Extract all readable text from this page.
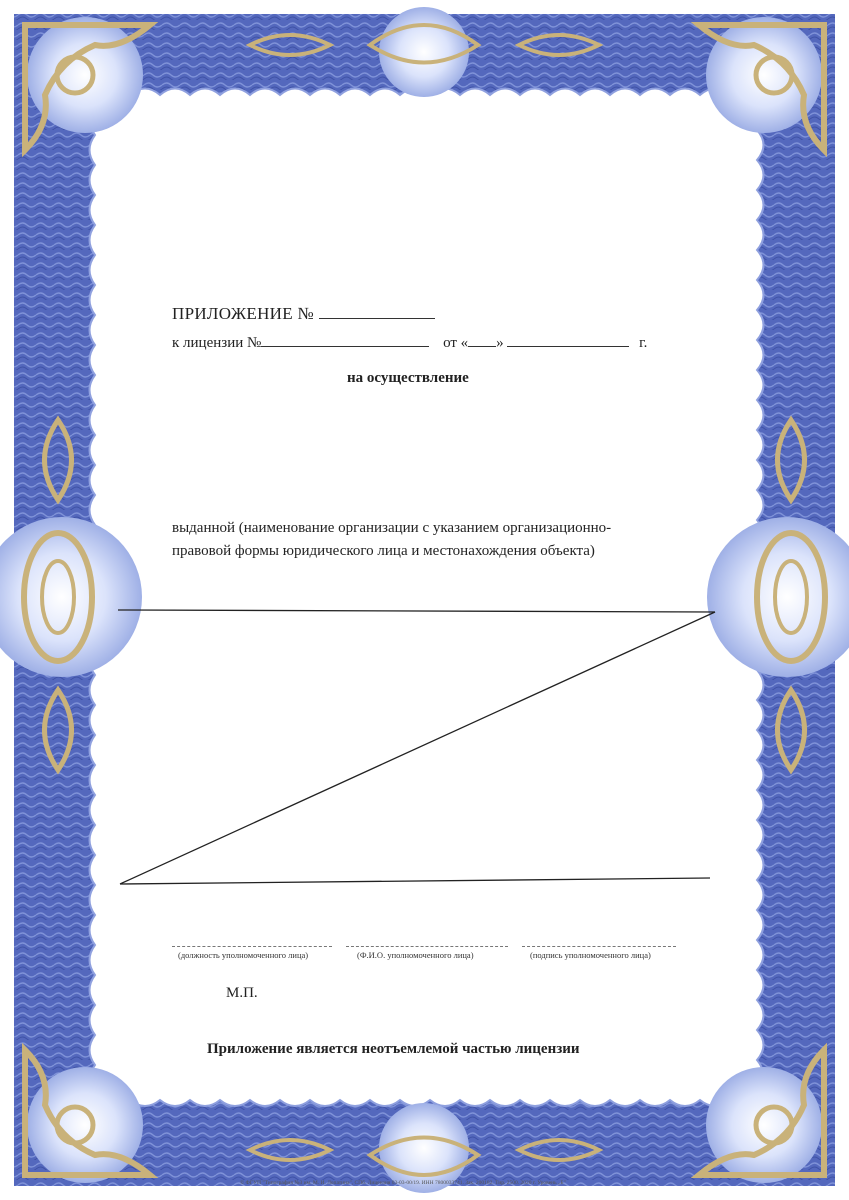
ПРИЛОЖЕНИЕ №
к лицензии №	от « »	г.
на осуществление
выданной (наименование организации с указанием организационно-
правовой формы юридического лица и местонахождения объекта)
(должность уполномоченного лица)	(Ф.И.О. уполномоченного лица)	(подпись уполномоченного лица)
М.П.
Приложение является неотъемлемой частью лицензии
© ФГУП "Типография №3 им. М. И. Лопатина", СПб. Лицензия 03-03-00/19. ИНН 7800033741. Зак. 200182. Тир. 2500. 2020 г. Уровень „Б"
